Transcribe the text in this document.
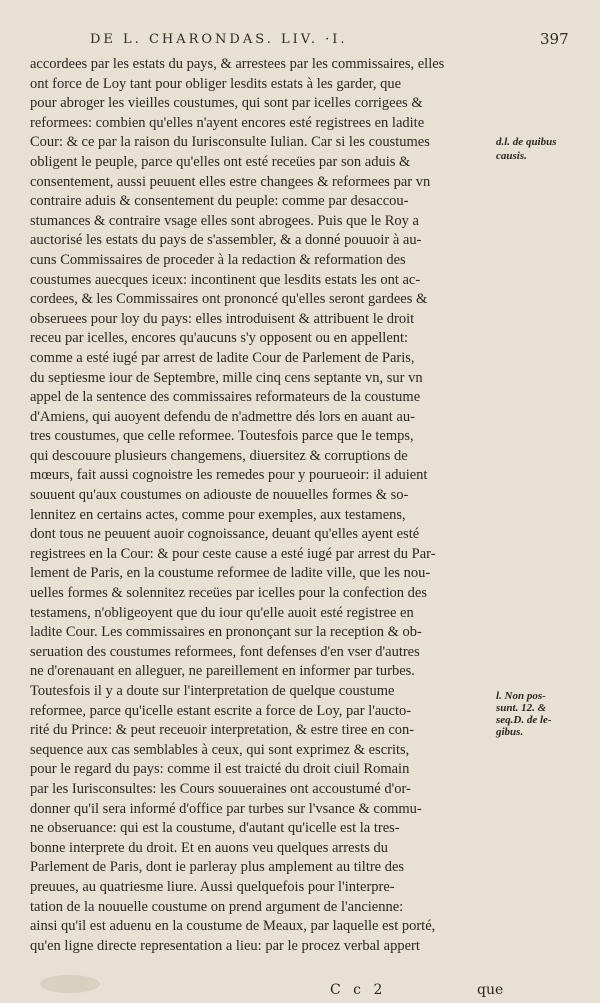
DE L. CHARONDAS. LIV. ·I.	397
accordees par les estats du pays, & arrestees par les commissaires, elles
ont force de Loy tant pour obliger lesdits estats à les garder, que
pour abroger les vieilles coustumes, qui sont par icelles corrigees &
reformees: combien qu'elles n'ayent encores esté registrees en ladite
Cour: & ce par la raison du Iurisconsulte Iulian. Car si les coustumes
obligent le peuple, parce qu'elles ont esté receües par son aduis &
consentement, aussi peuuent elles estre changees & reformees par vn
contraire aduis & consentement du peuple: comme par desaccou-
stumances & contraire vsage elles sont abrogees. Puis que le Roy a
auctorisé les estats du pays de s'assembler, & a donné pouuoir à au-
cuns Commissaires de proceder à la redaction & reformation des
coustumes auecques iceux: incontinent que lesdits estats les ont ac-
cordees, & les Commissaires ont prononcé qu'elles seront gardees &
obseruees pour loy du pays: elles introduisent & attribuent le droit
receu par icelles, encores qu'aucuns s'y opposent ou en appellent:
comme a esté iugé par arrest de ladite Cour de Parlement de Paris,
du septiesme iour de Septembre, mille cinq cens septante vn, sur vn
appel de la sentence des commissaires reformateurs de la coustume
d'Amiens, qui auoyent defendu de n'admettre dés lors en auant au-
tres coustumes, que celle reformee. Toutesfois parce que le temps,
qui descouure plusieurs changemens, diuersitez & corruptions de
mœurs, fait aussi cognoistre les remedes pour y pourueoir: il aduient
souuent qu'aux coustumes on adiouste de nouuelles formes & so-
lennitez en certains actes, comme pour exemples, aux testamens,
dont tous ne peuuent auoir cognoissance, deuant qu'elles ayent esté
registrees en la Cour: & pour ceste cause a esté iugé par arrest du Par-
lement de Paris, en la coustume reformee de ladite ville, que les nou-
uelles formes & solennitez receües par icelles pour la confection des
testamens, n'obligeoyent que du iour qu'elle auoit esté registree en
ladite Cour. Les commissaires en prononçant sur la reception & ob-
seruation des coustumes reformees, font defenses d'en vser d'autres
ne d'orenauant en alleguer, ne pareillement en informer par turbes.
Toutesfois il y a doute sur l'interpretation de quelque coustume
reformee, parce qu'icelle estant escrite a force de Loy, par l'aucto-
rité du Prince: & peut receuoir interpretation, & estre tiree en con-
sequence aux cas semblables à ceux, qui sont exprimez & escrits,
pour le regard du pays: comme il est traicté du droit ciuil Romain
par les Iurisconsultes: les Cours souueraines ont accoustumé d'or-
donner qu'il sera informé d'office par turbes sur l'vsance & commu-
ne obseruance: qui est la coustume, d'autant qu'icelle est la tres-
bonne interprete du droit. Et en auons veu quelques arrests du
Parlement de Paris, dont ie parleray plus amplement au tiltre des
preuues, au quatriesme liure. Aussi quelquefois pour l'interpre-
tation de la nouuelle coustume on prend argument de l'ancienne:
ainsi qu'il est aduenu en la coustume de Meaux, par laquelle est porté,
qu'en ligne directe representation a lieu: par le procez verbal appert
d.l. de quibus
causis.
l. Non pos-
sunt. 12. &
seq.D. de le-
gibus.
C c 2	que
